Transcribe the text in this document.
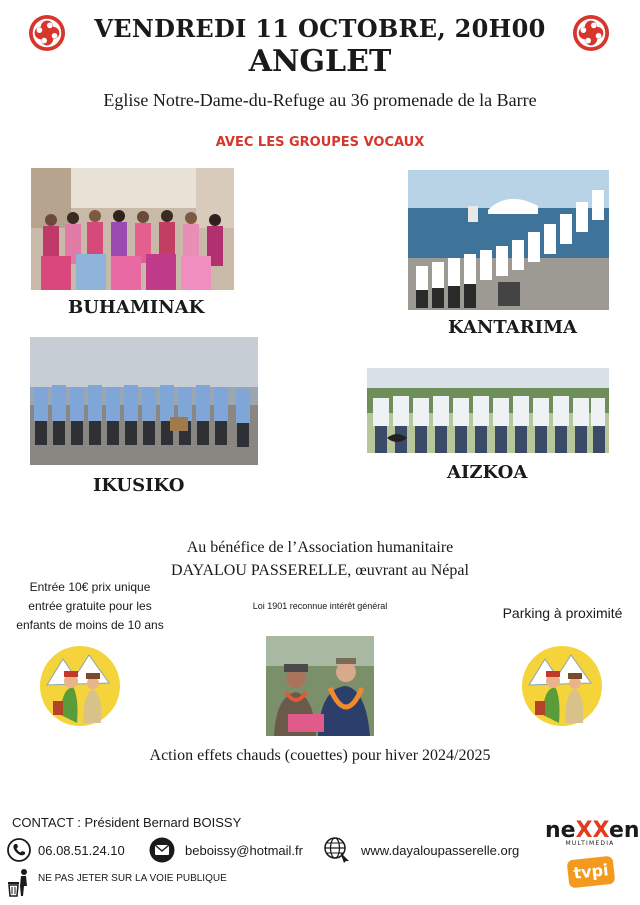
VENDREDI 11 OCTOBRE, 20H00
ANGLET
Eglise Notre-Dame-du-Refuge au 36 promenade de la Barre
AVEC LES GROUPES VOCAUX
BUHAMINAK
KANTARIMA
IKUSIKO
AIZKOA
Au bénéfice de l’Association humanitaire
DAYALOU PASSERELLE, œuvrant au Népal
Entrée 10€ prix unique
entrée gratuite pour les
enfants de moins de 10 ans
Loi 1901 reconnue intérêt général	Parking à proximité
Action effets chauds (couettes) pour hiver 2024/2025
CONTACT : Président Bernard BOISSY
06.08.51.24.10	beboissy@hotmail.fr	www.dayaloupasserelle.org
NE PAS JETER SUR LA VOIE PUBLIQUE
neXXen
MULTIMEDIA
tvpi
